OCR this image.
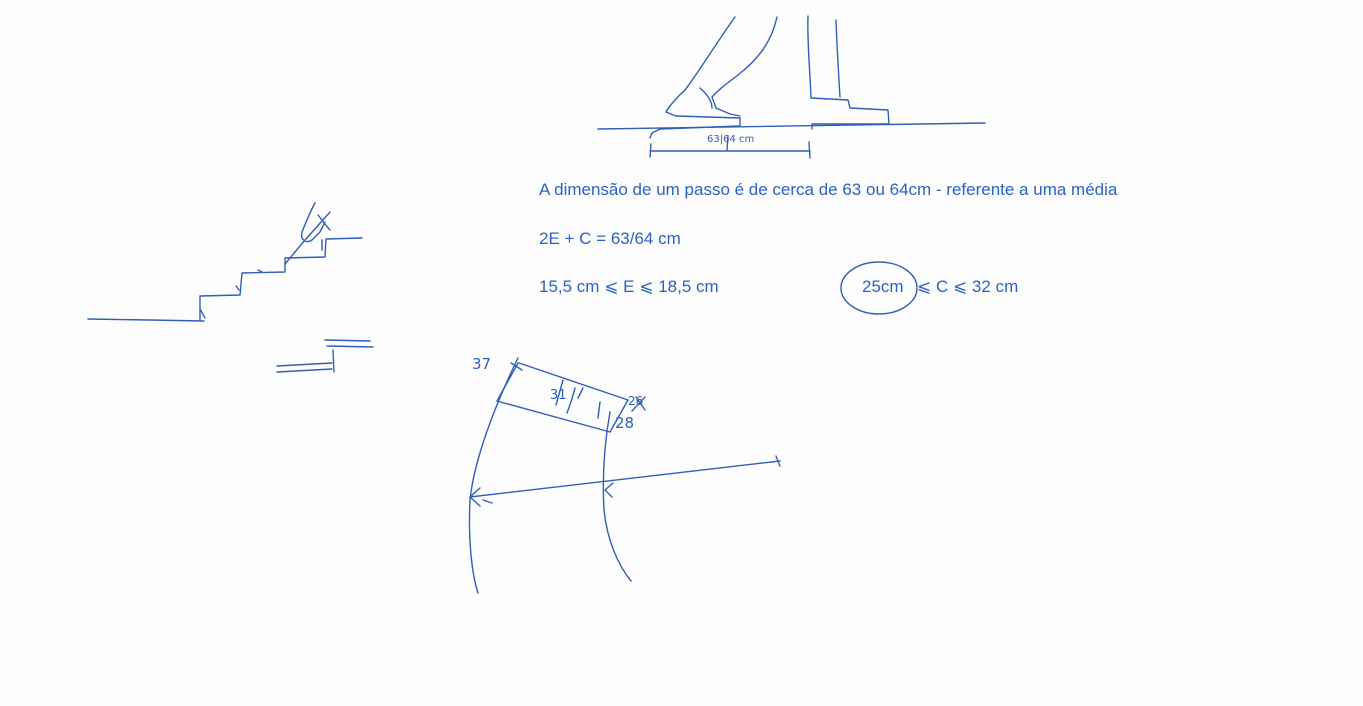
63|64 cm
37
31
28
26
A dimensão de um passo é de cerca de 63 ou 64cm - referente a uma média
2E + C = 63/64 cm
15,5 cm ⩽ E ⩽ 18,5 cm	25cm ⩽ C ⩽ 32 cm
